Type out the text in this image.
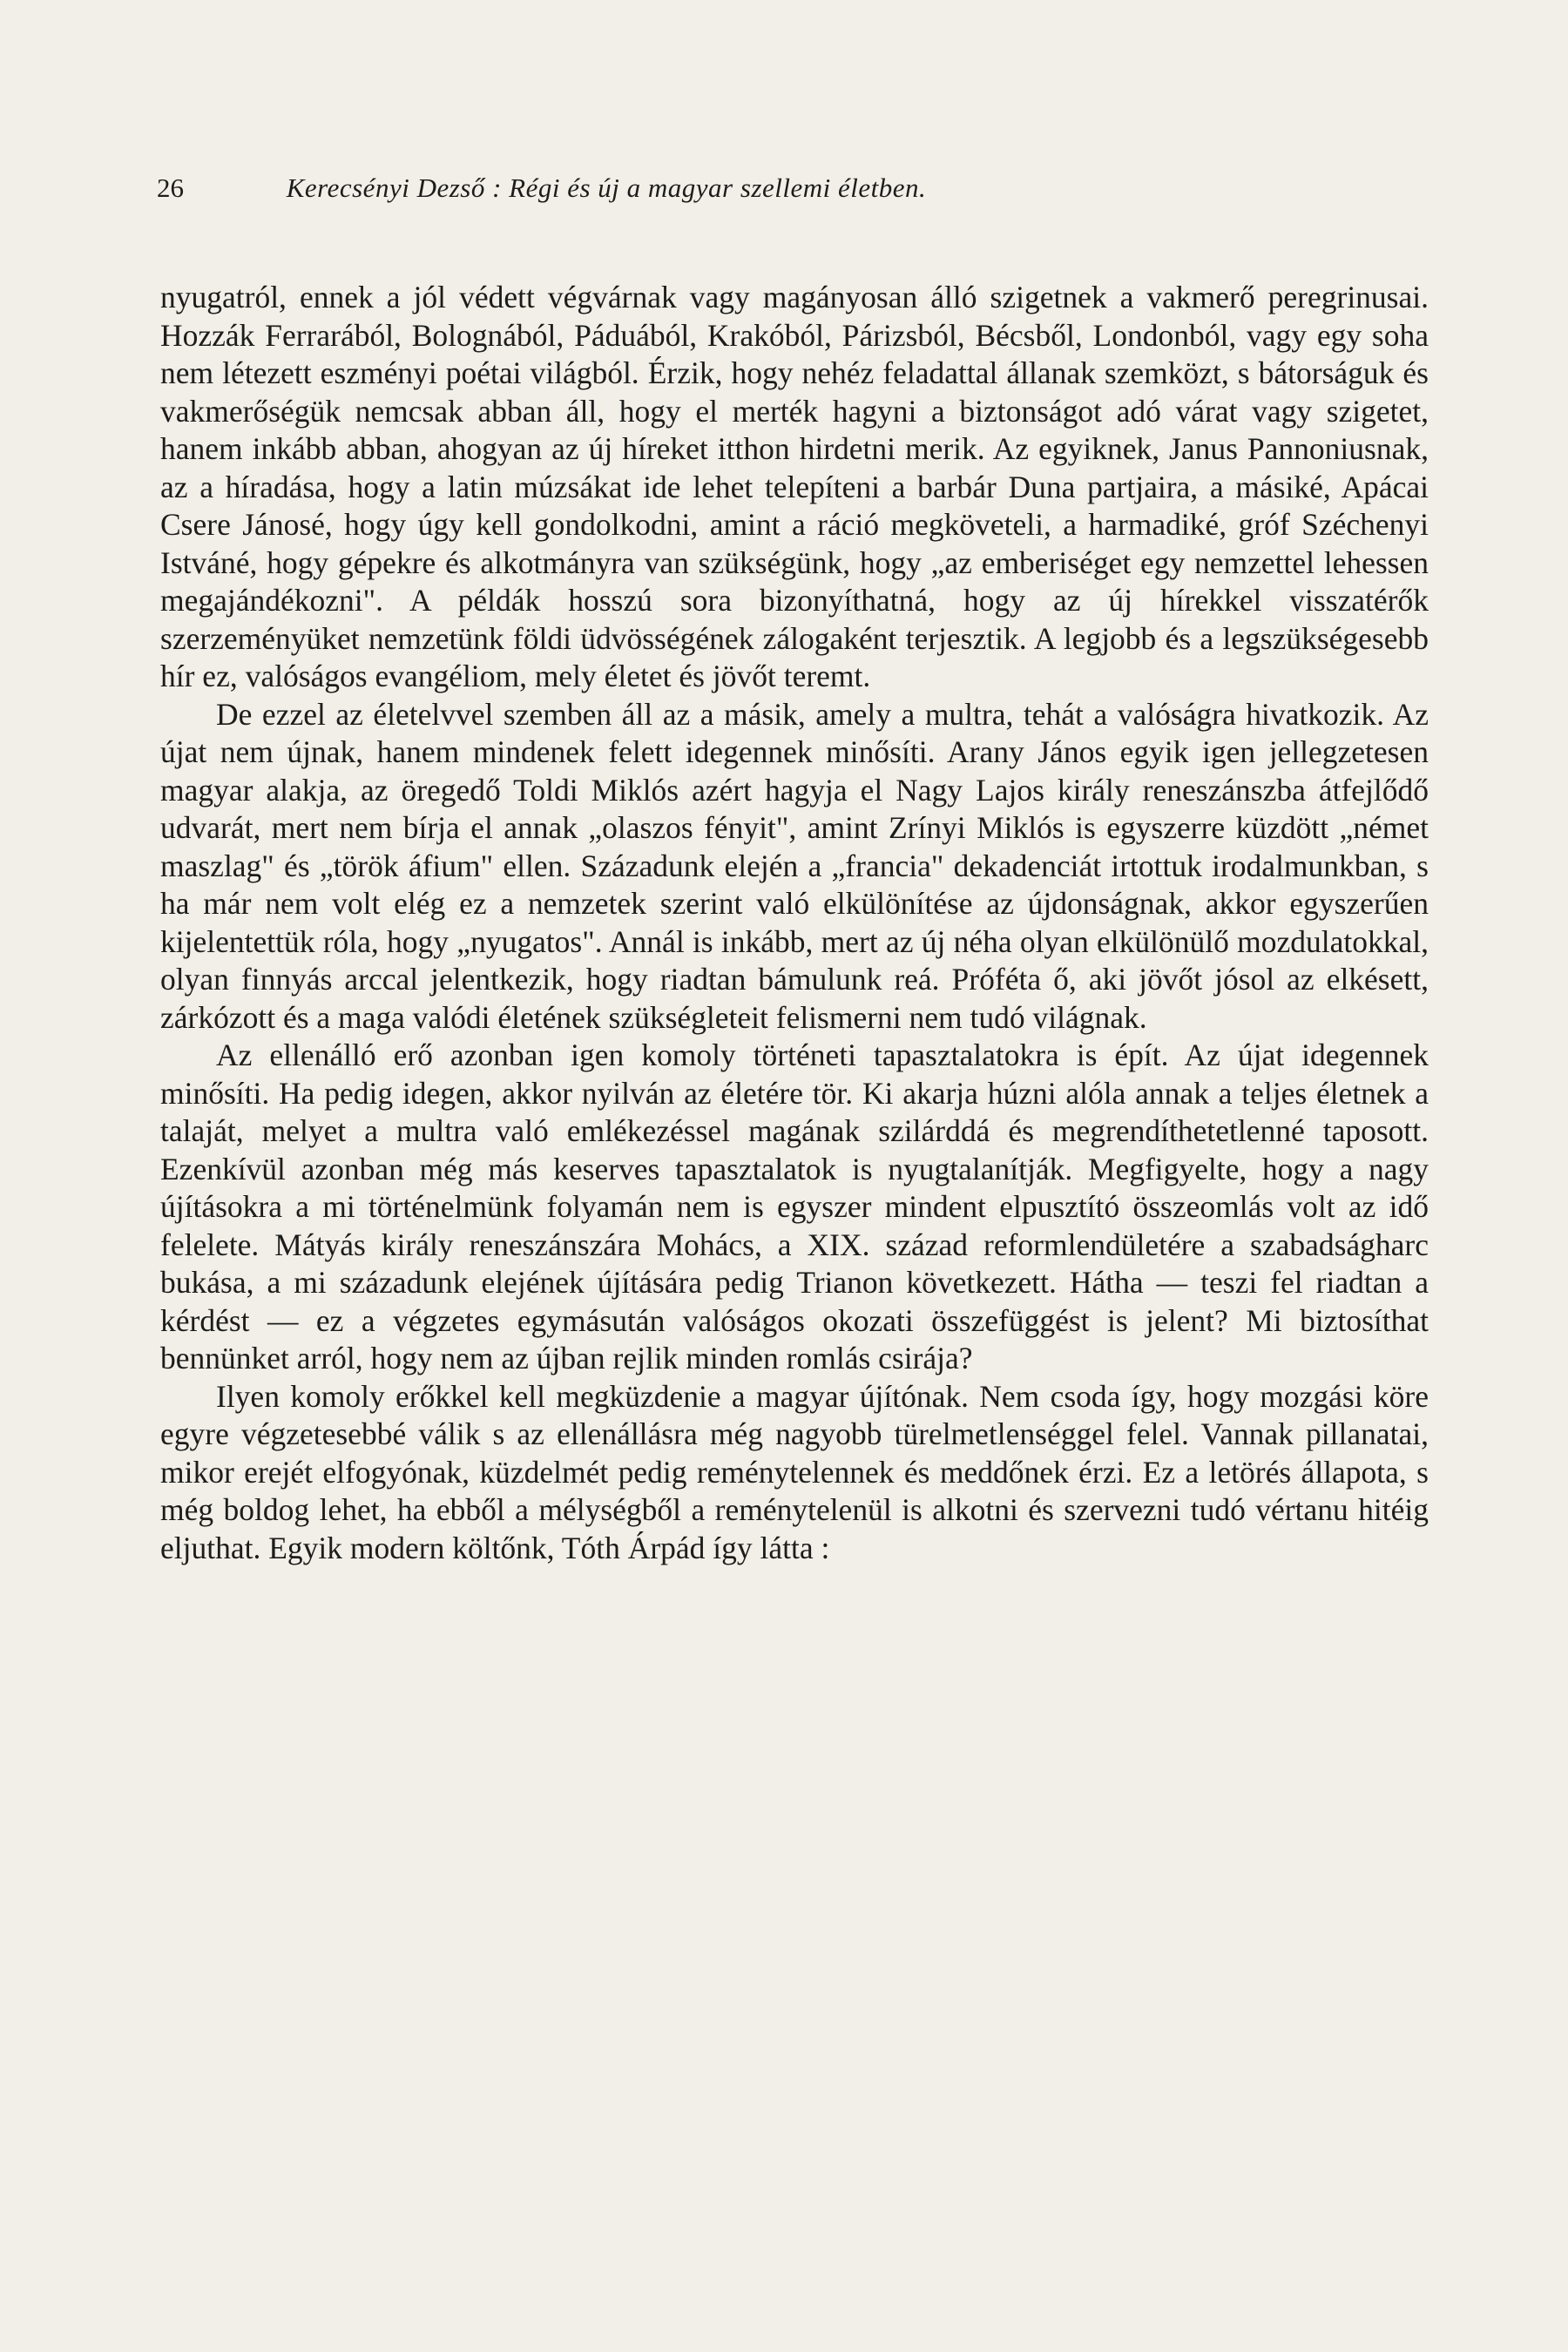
26	Kerecsényi Dezső : Régi és új a magyar szellemi életben.

nyugatról, ennek a jól védett végvárnak vagy magányosan álló szigetnek a vakmerő peregrinusai. Hozzák Ferrarából, Bolognából, Páduából, Krakóból, Párizsból, Bécsből, Londonból, vagy egy soha nem létezett eszményi poétai világból. Érzik, hogy nehéz feladattal állanak szemközt, s bátorságuk és vakmerőségük nemcsak abban áll, hogy el merték hagyni a biztonságot adó várat vagy szigetet, hanem inkább abban, ahogyan az új híreket itthon hirdetni merik. Az egyiknek, Janus Pannoniusnak, az a híradása, hogy a latin múzsákat ide lehet telepíteni a barbár Duna partjaira, a másiké, Apácai Csere Jánosé, hogy úgy kell gondolkodni, amint a ráció megköveteli, a harmadiké, gróf Széchenyi Istváné, hogy gépekre és alkotmányra van szükségünk, hogy „az emberiséget egy nemzettel lehessen megajándékozni". A példák hosszú sora bizonyíthatná, hogy az új hírekkel visszatérők szerzeményüket nemzetünk földi üdvösségének zálogaként terjesztik. A legjobb és a legszükségesebb hír ez, valóságos evangéliom, mely életet és jövőt teremt.

De ezzel az életelvvel szemben áll az a másik, amely a multra, tehát a valóságra hivatkozik. Az újat nem újnak, hanem mindenek felett idegennek minősíti. Arany János egyik igen jellegzetesen magyar alakja, az öregedő Toldi Miklós azért hagyja el Nagy Lajos király reneszánszba átfejlődő udvarát, mert nem bírja el annak „olaszos fényit", amint Zrínyi Miklós is egyszerre küzdött „német maszlag" és „török áfium" ellen. Századunk elején a „francia" dekadenciát irtottuk irodalmunkban, s ha már nem volt elég ez a nemzetek szerint való elkülönítése az újdonságnak, akkor egyszerűen kijelentettük róla, hogy „nyugatos". Annál is inkább, mert az új néha olyan elkülönülő mozdulatokkal, olyan finnyás arccal jelentkezik, hogy riadtan bámulunk reá. Próféta ő, aki jövőt jósol az elkésett, zárkózott és a maga valódi életének szükségleteit felismerni nem tudó világnak.

Az ellenálló erő azonban igen komoly történeti tapasztalatokra is épít. Az újat idegennek minősíti. Ha pedig idegen, akkor nyilván az életére tör. Ki akarja húzni alóla annak a teljes életnek a talaját, melyet a multra való emlékezéssel magának szilárddá és megrendíthetetlenné taposott. Ezenkívül azonban még más keserves tapasztalatok is nyugtalanítják. Megfigyelte, hogy a nagy újításokra a mi történelmünk folyamán nem is egyszer mindent elpusztító összeomlás volt az idő felelete. Mátyás király reneszánszára Mohács, a XIX. század reformlendületére a szabadságharc bukása, a mi századunk elejének újítására pedig Trianon következett. Hátha — teszi fel riadtan a kérdést — ez a végzetes egymásután valóságos okozati összefüggést is jelent? Mi biztosíthat bennünket arról, hogy nem az újban rejlik minden romlás csirája?

Ilyen komoly erőkkel kell megküzdenie a magyar újítónak. Nem csoda így, hogy mozgási köre egyre végzetesebbé válik s az ellenállásra még nagyobb türelmetlenséggel felel. Vannak pillanatai, mikor erejét elfogyónak, küzdelmét pedig reménytelennek és meddőnek érzi. Ez a letörés állapota, s még boldog lehet, ha ebből a mélységből a reménytelenül is alkotni és szervezni tudó vértanu hitéig eljuthat. Egyik modern költőnk, Tóth Árpád így látta :
